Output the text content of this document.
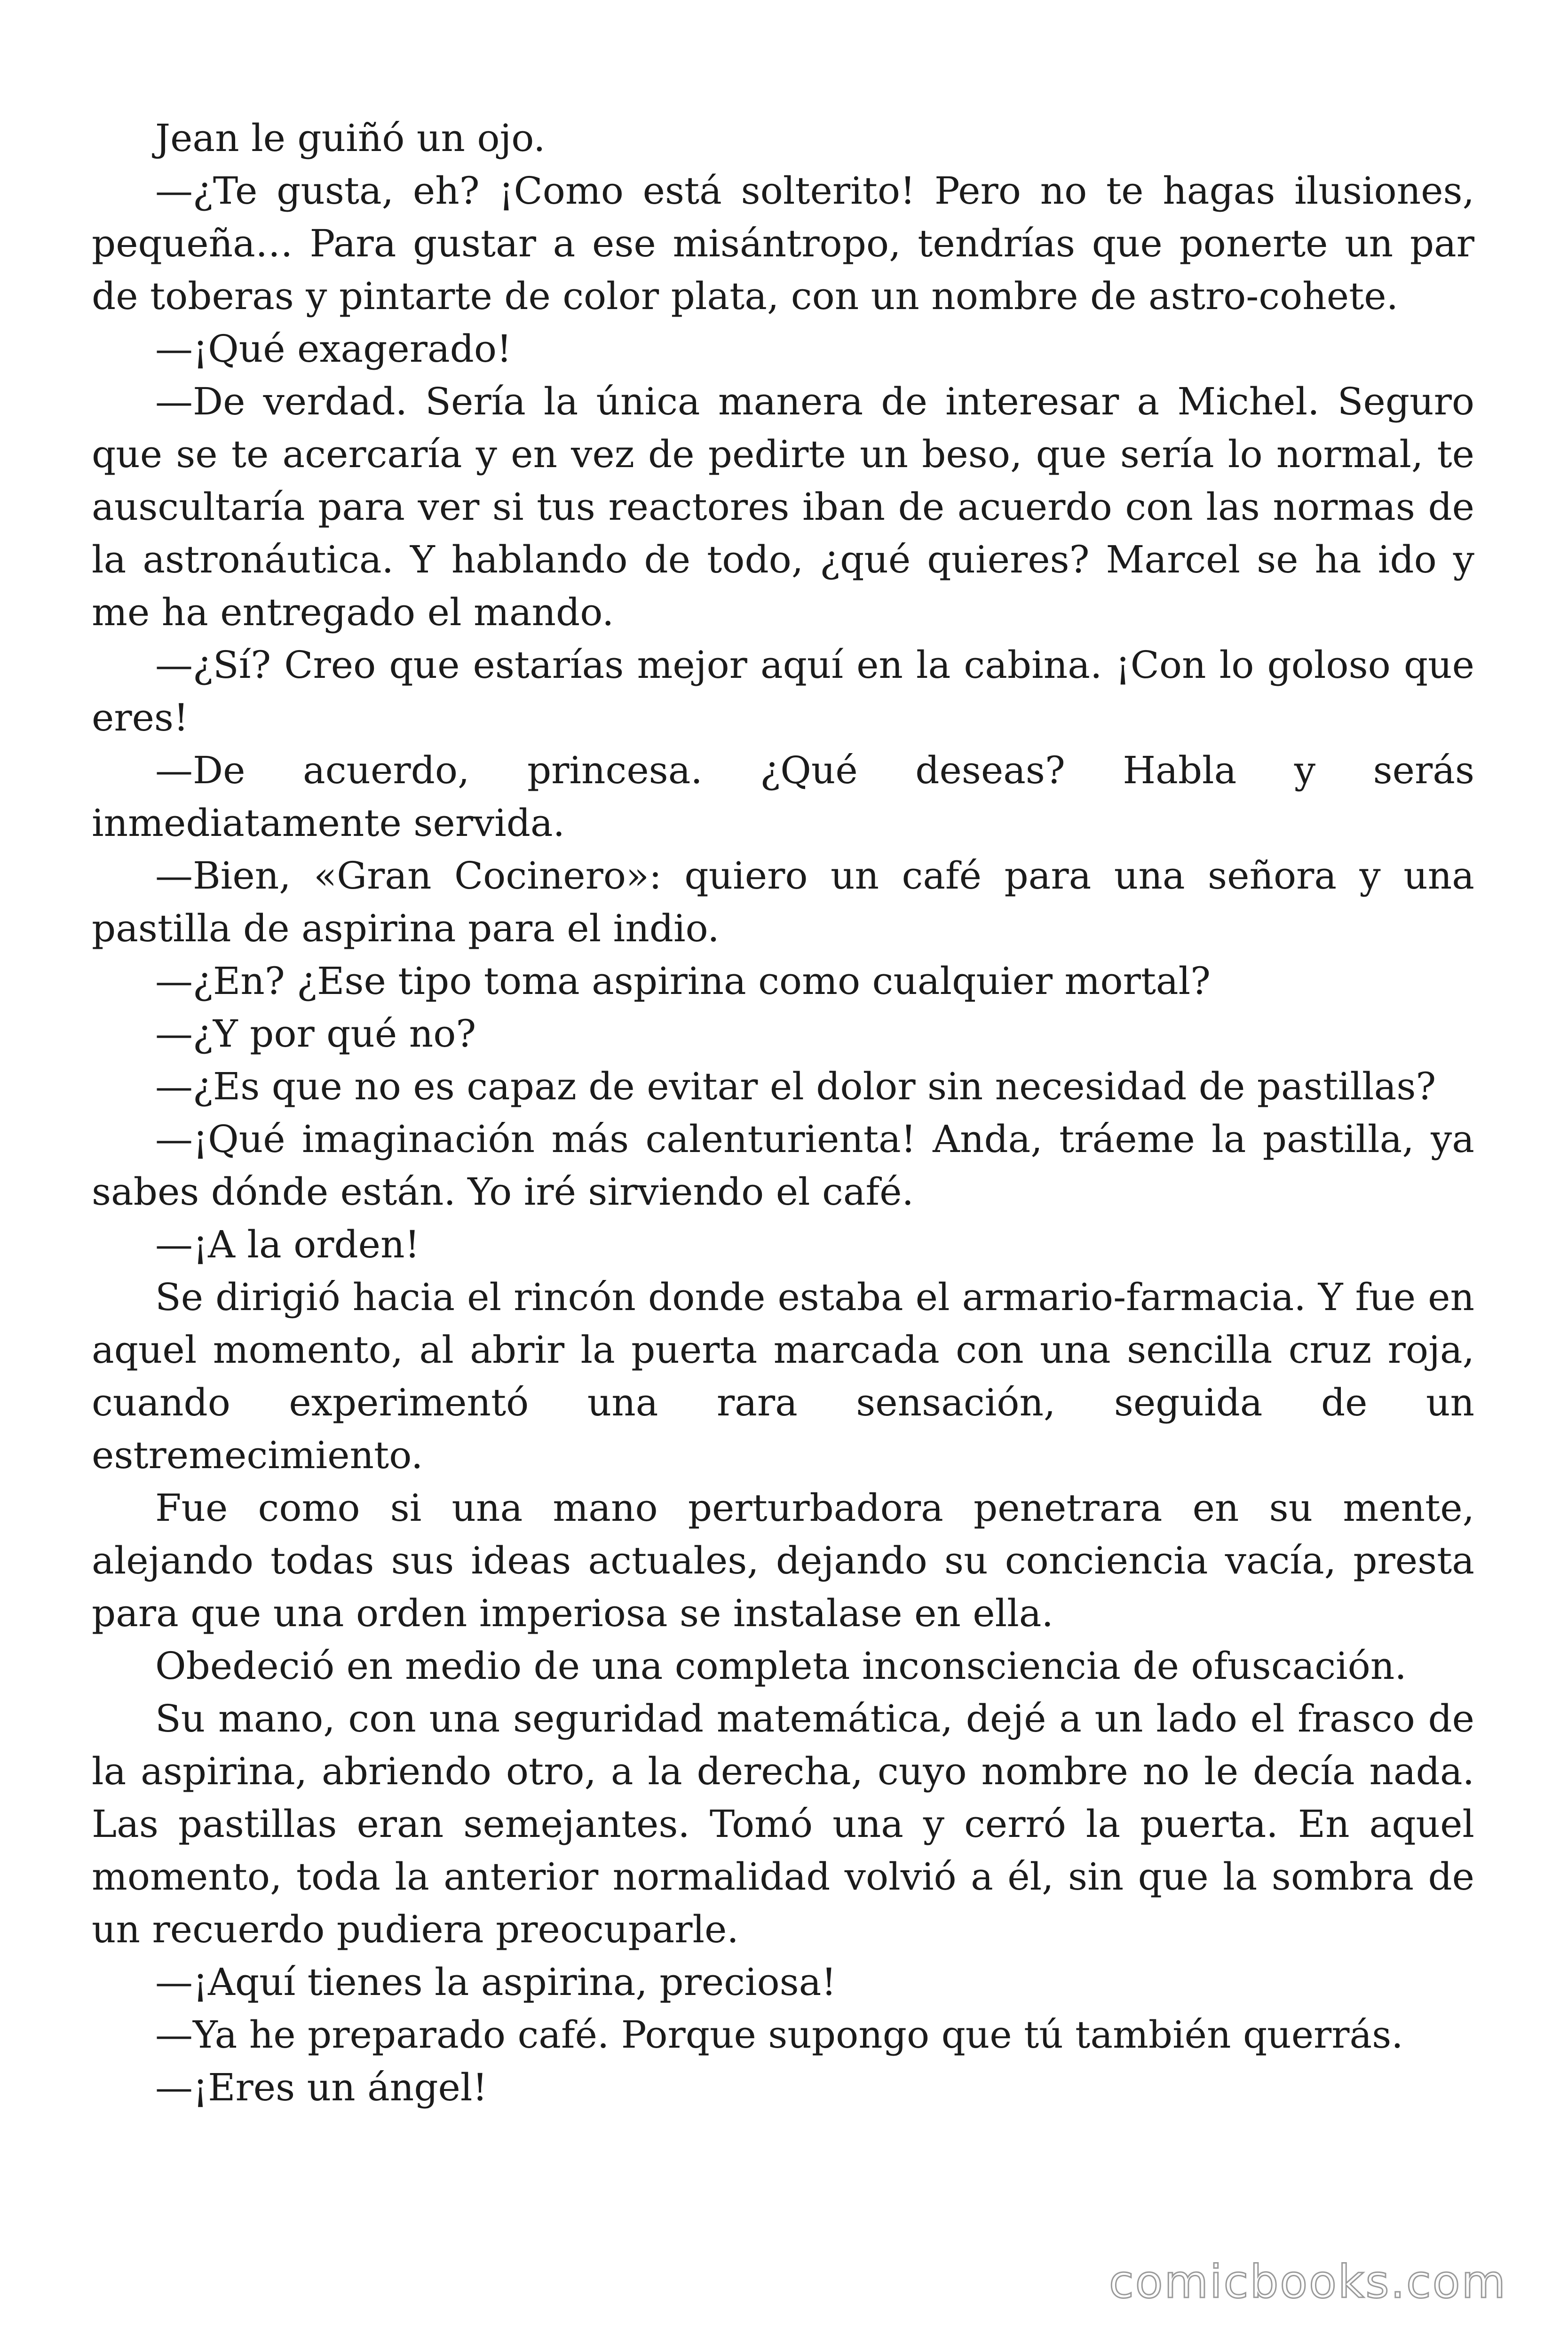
Jean le guiñó un ojo.

—¿Te gusta, eh? ¡Como está solterito! Pero no te hagas ilusiones, pequeña… Para gustar a ese misántropo, tendrías que ponerte un par de toberas y pintarte de color plata, con un nombre de astro-cohete.

—¡Qué exagerado!

—De verdad. Sería la única manera de interesar a Michel. Seguro que se te acercaría y en vez de pedirte un beso, que sería lo normal, te auscultaría para ver si tus reactores iban de acuerdo con las normas de la astronáutica. Y hablando de todo, ¿qué quieres? Marcel se ha ido y me ha entregado el mando.

—¿Sí? Creo que estarías mejor aquí en la cabina. ¡Con lo goloso que eres!

—De acuerdo, princesa. ¿Qué deseas? Habla y serás inmediatamente servida.

—Bien, «Gran Cocinero»: quiero un café para una señora y una pastilla de aspirina para el indio.

—¿En? ¿Ese tipo toma aspirina como cualquier mortal?

—¿Y por qué no?

—¿Es que no es capaz de evitar el dolor sin necesidad de pastillas?

—¡Qué imaginación más calenturienta! Anda, tráeme la pastilla, ya sabes dónde están. Yo iré sirviendo el café.

—¡A la orden!

Se dirigió hacia el rincón donde estaba el armario-farmacia. Y fue en aquel momento, al abrir la puerta marcada con una sencilla cruz roja, cuando experimentó una rara sensación, seguida de un estremecimiento.

Fue como si una mano perturbadora penetrara en su mente, alejando todas sus ideas actuales, dejando su conciencia vacía, presta para que una orden imperiosa se instalase en ella.

Obedeció en medio de una completa inconsciencia de ofuscación.

Su mano, con una seguridad matemática, dejé a un lado el frasco de la aspirina, abriendo otro, a la derecha, cuyo nombre no le decía nada. Las pastillas eran semejantes. Tomó una y cerró la puerta. En aquel momento, toda la anterior normalidad volvió a él, sin que la sombra de un recuerdo pudiera preocuparle.

—¡Aquí tienes la aspirina, preciosa!

—Ya he preparado café. Porque supongo que tú también querrás.

—¡Eres un ángel!

comicbooks.com
